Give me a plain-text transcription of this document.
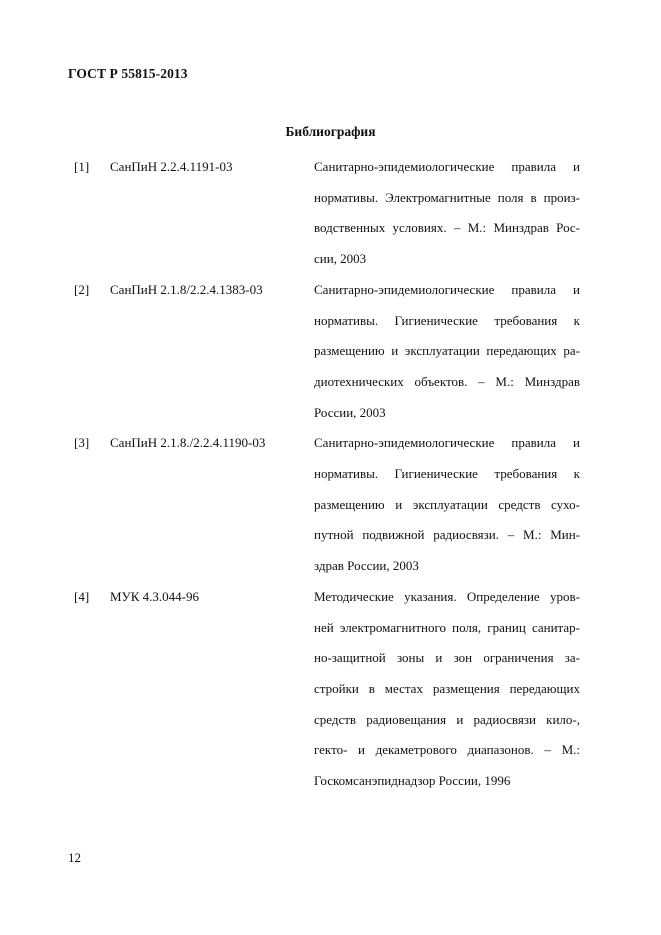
ГОСТ Р 55815-2013
Библиография
[1] СанПиН 2.2.4.1191-03	Санитарно-эпидемиологические правила и
нормативы. Электромагнитные поля в произ-
водственных условиях. – М.: Минздрав Рос-
сии, 2003
[2] СанПиН 2.1.8/2.2.4.1383-03	Санитарно-эпидемиологические правила и
нормативы. Гигиенические требования к
размещению и эксплуатации передающих ра-
диотехнических объектов. – М.: Минздрав
России, 2003
[3] СанПиН 2.1.8./2.2.4.1190-03	Санитарно-эпидемиологические правила и
нормативы. Гигиенические требования к
размещению и эксплуатации средств сухо-
путной подвижной радиосвязи. – М.: Мин-
здрав России, 2003
[4] МУК 4.3.044-96	Методические указания. Определение уров-
ней электромагнитного поля, границ санитар-
но-защитной зоны и зон ограничения за-
стройки в местах размещения передающих
средств радиовещания и радиосвязи кило-,
гекто- и декаметрового диапазонов. – М.:
Госкомсанэпиднадзор России, 1996
12
